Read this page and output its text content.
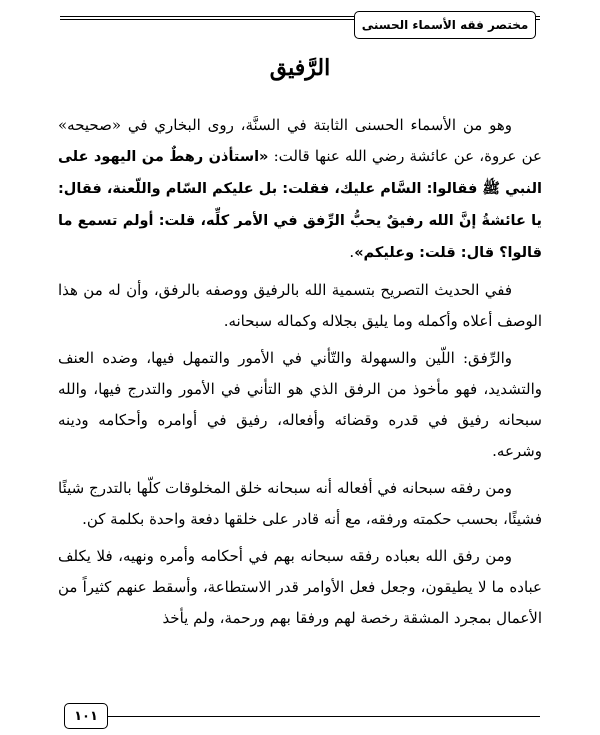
مختصر فقه الأسماء الحسنى
الرَّفيق

وهو من الأسماء الحسنى الثابتة في السنَّة، روى البخاري في «صحيحه» عن عروة، عن عائشة رضي الله عنها قالت: «استأذن رهطٌ من اليهود على النبي ﷺ فقالوا: السَّام عليك، فقلت: بل عليكم السّام واللّعنة، فقال: يا عائشةُ إنَّ الله رفيقٌ يحبُّ الرِّفق في الأمر كلِّه، قلت: أولم تسمع ما قالوا؟ قال: قلت: وعليكم».

ففي الحديث التصريح بتسمية الله بالرفيق ووصفه بالرفق، وأن له من هذا الوصف أعلاه وأكمله وما يليق بجلاله وكماله سبحانه.

والرِّفق: اللّين والسهولة والتّأني في الأمور والتمهل فيها، وضده العنف والتشديد، فهو مأخوذ من الرفق الذي هو التأني في الأمور والتدرج فيها، والله سبحانه رفيق في قدره وقضائه وأفعاله، رفيق في أوامره وأحكامه ودينه وشرعه.

ومن رفقه سبحانه في أفعاله أنه سبحانه خلق المخلوقات كلّها بالتدرج شيئًا فشيئًا، بحسب حكمته ورفقه، مع أنه قادر على خلقها دفعة واحدة بكلمة كن.

ومن رفق الله بعباده رفقه سبحانه بهم في أحكامه وأمره ونهيه، فلا يكلف عباده ما لا يطيقون، وجعل فعل الأوامر قدر الاستطاعة، وأسقط عنهم كثيراً من الأعمال بمجرد المشقة رخصة لهم ورفقا بهم ورحمة، ولم يأخذ

١٠١
